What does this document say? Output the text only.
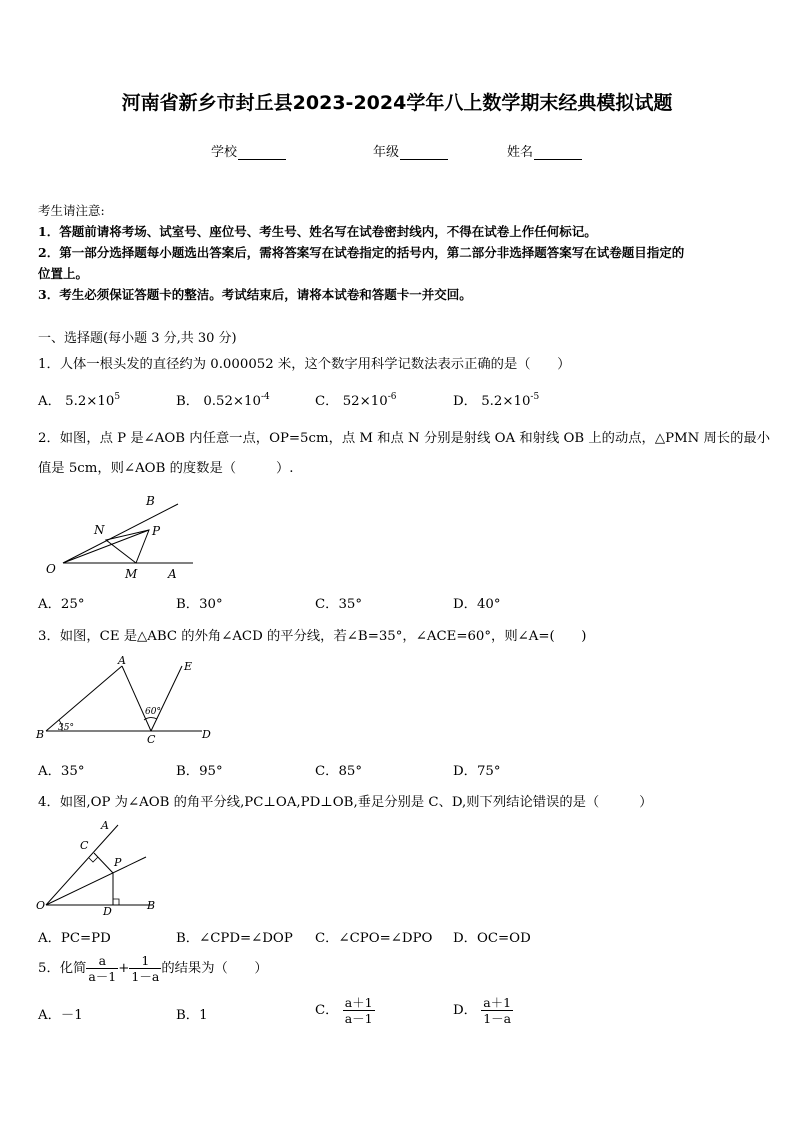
河南省新乡市封丘县2023-2024学年八上数学期末经典模拟试题
学校	年级	姓名
考生请注意:
1．答题前请将考场、试室号、座位号、考生号、姓名写在试卷密封线内，不得在试卷上作任何标记。
2．第一部分选择题每小题选出答案后，需将答案写在试卷指定的括号内，第二部分非选择题答案写在试卷题目指定的
位置上。
3．考生必须保证答题卡的整洁。考试结束后，请将本试卷和答题卡一并交回。
一、选择题(每小题 3 分,共 30 分)
1．人体一根头发的直径约为 0.000052 米，这个数字用科学记数法表示正确的是（　　）
A． $5.2\times 10^5$	B． $0.52\times 10^{-4}$	C． $52\times 10^{-6}$	D． $5.2\times 10^{-5}$
2．如图，点 P 是∠AOB 内任意一点，OP=5cm，点 M 和点 N 分别是射线 OA 和射线 OB 上的动点，△PMN 周长的最小
值是 5cm，则∠AOB 的度数是（　　　）.
B
N	P
O	M	A
A．25°	B．30°	C．35°	D．40°
3．如图，CE 是△ABC 的外角∠ACD 的平分线，若∠B=35°，∠ACE=60°，则∠A=(　　)
A	E
B	C	D
60°
35°
A．35°	B．95°	C．85°	D．75°
4．如图,OP 为∠AOB 的角平分线,PC⊥OA,PD⊥OB,垂足分别是 C、D,则下列结论错误的是（　　　）
A
C
P
O	D	B
A．PC=PD	B．∠CPD=∠DOP C．∠CPO=∠DPO D．OC=OD
5．化简 $\frac{a}{a-1} + \frac{1}{1-a}$ 的结果为（　　）
A．－1	B．1	C． $\frac{a+1}{a-1}$	D． $\frac{a+1}{1-a}$
